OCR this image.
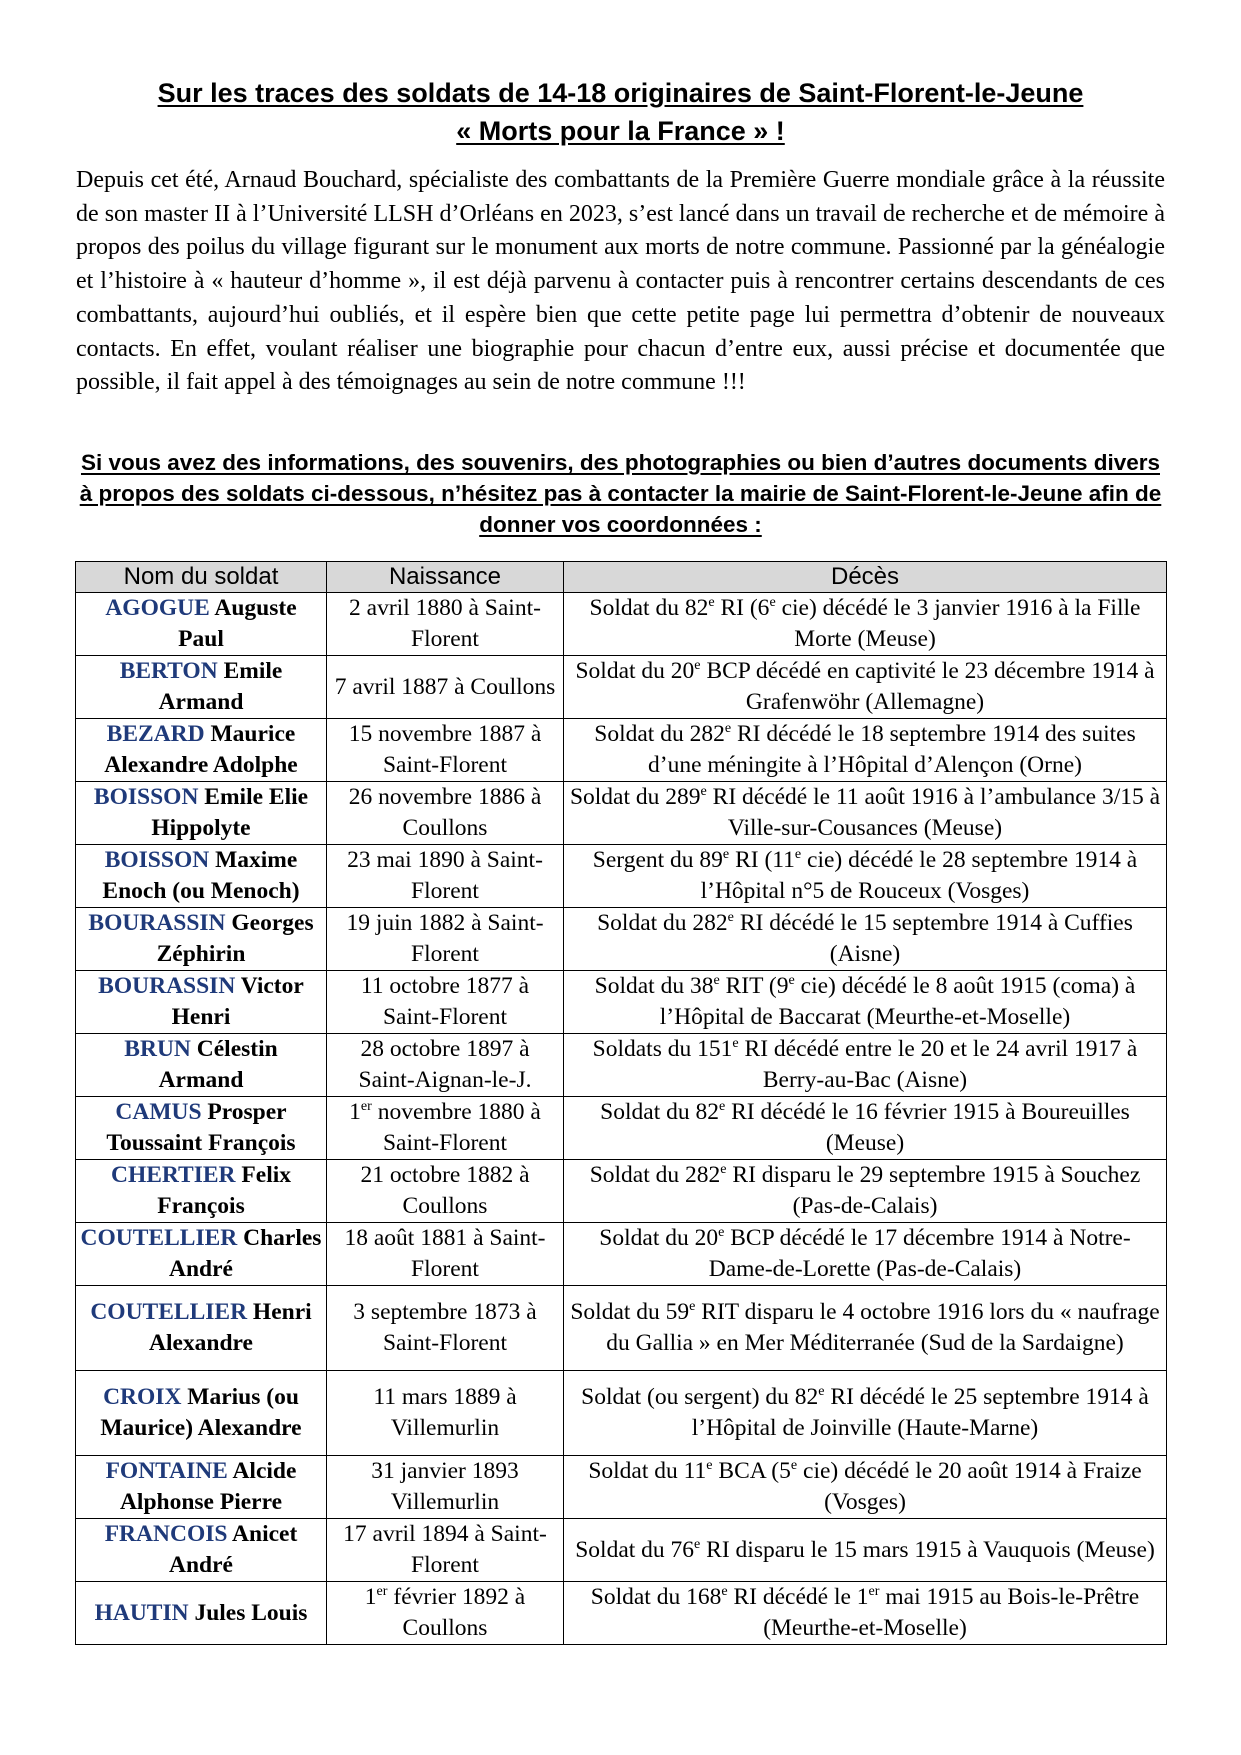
Sur les traces des soldats de 14-18 originaires de Saint-Florent-le-Jeune
« Morts pour la France » !

Depuis cet été, Arnaud Bouchard, spécialiste des combattants de la Première Guerre mondiale grâce à la réussite de son master II à l’Université LLSH d’Orléans en 2023, s’est lancé dans un travail de recherche et de mémoire à propos des poilus du village figurant sur le monument aux morts de notre commune. Passionné par la généalogie et l’histoire à « hauteur d’homme », il est déjà parvenu à contacter puis à rencontrer certains descendants de ces combattants, aujourd’hui oubliés, et il espère bien que cette petite page lui permettra d’obtenir de nouveaux contacts. En effet, voulant réaliser une biographie pour chacun d’entre eux, aussi précise et documentée que possible, il fait appel à des témoignages au sein de notre commune !!!

Si vous avez des informations, des souvenirs, des photographies ou bien d’autres documents divers à propos des soldats ci-dessous, n’hésitez pas à contacter la mairie de Saint-Florent-le-Jeune afin de donner vos coordonnées :

Nom du soldat	Naissance	Décès
AGOGUE Auguste Paul	2 avril 1880 à Saint-Florent	Soldat du 82e RI (6e cie) décédé le 3 janvier 1916 à la Fille Morte (Meuse)
BERTON Emile Armand	7 avril 1887 à Coullons	Soldat du 20e BCP décédé en captivité le 23 décembre 1914 à Grafenwöhr (Allemagne)
BEZARD Maurice Alexandre Adolphe	15 novembre 1887 à Saint-Florent	Soldat du 282e RI décédé le 18 septembre 1914 des suites d’une méningite à l’Hôpital d’Alençon (Orne)
BOISSON Emile Elie Hippolyte	26 novembre 1886 à Coullons	Soldat du 289e RI décédé le 11 août 1916 à l’ambulance 3/15 à Ville-sur-Cousances (Meuse)
BOISSON Maxime Enoch (ou Menoch)	23 mai 1890 à Saint-Florent	Sergent du 89e RI (11e cie) décédé le 28 septembre 1914 à l’Hôpital n°5 de Rouceux (Vosges)
BOURASSIN Georges Zéphirin	19 juin 1882 à Saint-Florent	Soldat du 282e RI décédé le 15 septembre 1914 à Cuffies (Aisne)
BOURASSIN Victor Henri	11 octobre 1877 à Saint-Florent	Soldat du 38e RIT (9e cie) décédé le 8 août 1915 (coma) à l’Hôpital de Baccarat (Meurthe-et-Moselle)
BRUN Célestin Armand	28 octobre 1897 à Saint-Aignan-le-J.	Soldats du 151e RI décédé entre le 20 et le 24 avril 1917 à Berry-au-Bac (Aisne)
CAMUS Prosper Toussaint François	1er novembre 1880 à Saint-Florent	Soldat du 82e RI décédé le 16 février 1915 à Boureuilles (Meuse)
CHERTIER Felix François	21 octobre 1882 à Coullons	Soldat du 282e RI disparu le 29 septembre 1915 à Souchez (Pas-de-Calais)
COUTELLIER Charles André	18 août 1881 à Saint-Florent	Soldat du 20e BCP décédé le 17 décembre 1914 à Notre-Dame-de-Lorette (Pas-de-Calais)
COUTELLIER Henri Alexandre	3 septembre 1873 à Saint-Florent	Soldat du 59e RIT disparu le 4 octobre 1916 lors du « naufrage du Gallia » en Mer Méditerranée (Sud de la Sardaigne)
CROIX Marius (ou Maurice) Alexandre	11 mars 1889 à Villemurlin	Soldat (ou sergent) du 82e RI décédé le 25 septembre 1914 à l’Hôpital de Joinville (Haute-Marne)
FONTAINE Alcide Alphonse Pierre	31 janvier 1893 Villemurlin	Soldat du 11e BCA (5e cie) décédé le 20 août 1914 à Fraize (Vosges)
FRANCOIS Anicet André	17 avril 1894 à Saint-Florent	Soldat du 76e RI disparu le 15 mars 1915 à Vauquois (Meuse)
HAUTIN Jules Louis	1er février 1892 à Coullons	Soldat du 168e RI décédé le 1er mai 1915 au Bois-le-Prêtre (Meurthe-et-Moselle)
